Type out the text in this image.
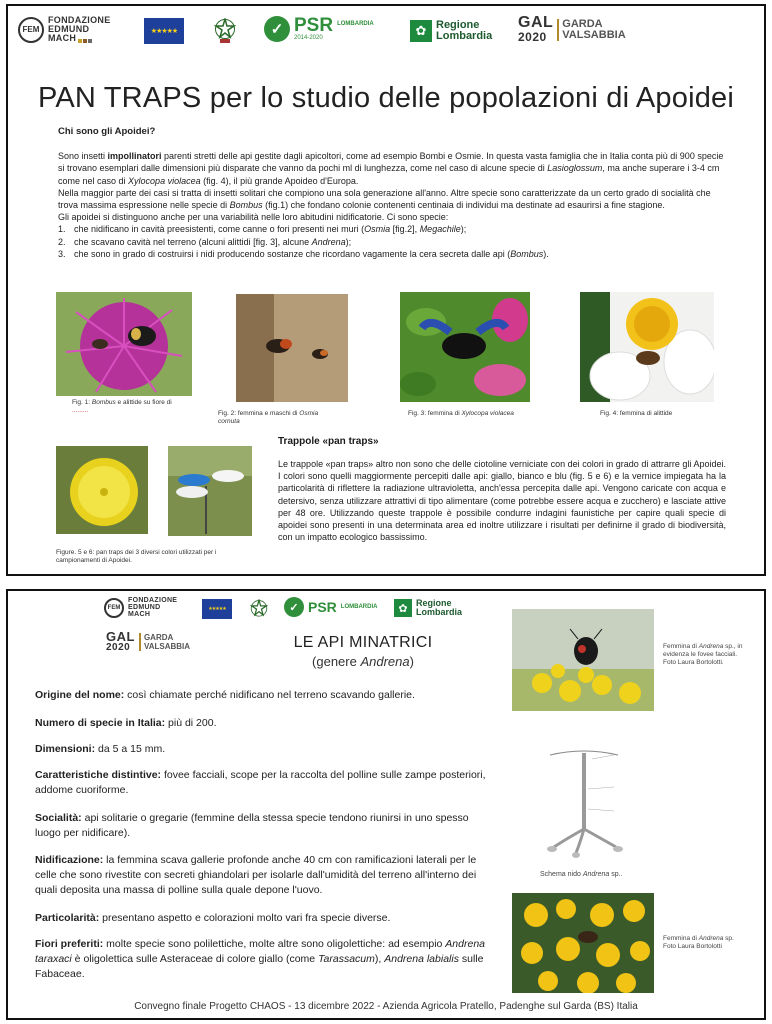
FEM
FONDAZIONE
EDMUND
MACH
★★★★★	✓ PSR
2014-2020
LOMBARDIA	✿ Regione
Lombardia
GAL
2020
GARDA
VALSABBIA
PAN TRAPS per lo studio delle popolazioni di Apoidei
Chi sono gli Apoidei?

Sono insetti impollinatori parenti stretti delle api gestite dagli apicoltori, come ad esempio Bombi e Osmie. In questa vasta famiglia che in Italia conta più di 900 specie si trovano esemplari dalle dimensioni più disparate che vanno da pochi ml di lunghezza, come nel caso di alcune specie di Lasioglossum, ma anche superare i 3-4 cm come nel caso di Xylocopa violacea (fig. 4), il più grande Apoideo d'Europa.

Nella maggior parte dei casi si tratta di insetti solitari che compiono una sola generazione all'anno. Altre specie sono caratterizzate da un certo grado di socialità che trova massima espressione nelle specie di Bombus (fig.1) che fondano colonie contenenti centinaia di individui ma destinate ad esaurirsi a fine stagione.

Gli apoidei si distinguono anche per una variabilità nelle loro abitudini nidificatorie. Ci sono specie:

1. che nidificano in cavità preesistenti, come canne o fori presenti nei muri (Osmia [fig.2], Megachile);
2. che scavano cavità nel terreno (alcuni alittidi [fig. 3], alcune Andrena);
3. che sono in grado di costruirsi i nidi producendo sostanze che ricordano vagamente la cera secreta dalle api (Bombus).
Fig. 1: Bombus e alittide su fiore di
.........	Fig. 2: femmina e maschi di Osmia cornuta
Fig. 3: femmina di Xylocopa violacea	Fig. 4: femmina di alittide
Figure. 5 e 6: pan traps dei 3 diversi colori utilizzati per i campionamenti di Apoidei.
Trappole «pan traps»
Le trappole «pan traps» altro non sono che delle ciotoline verniciate con dei colori in grado di attrarre gli Apoidei. I colori sono quelli maggiormente percepiti dalle api: giallo, bianco e blu (fig. 5 e 6) e la vernice impiegata ha la particolarità di riflettere la radiazione ultravioletta, anch'essa percepita dalle api. Vengono caricate con acqua e detersivo, senza utilizzare attrattivi di tipo alimentare (come potrebbe essere acqua e zucchero) e lasciate attive per 48 ore. Utilizzando queste trappole è possibile condurre indagini faunistiche per capire quali specie di apoidei sono presenti in una determinata area ed inoltre utilizzare i risultati per definirne il grado di biodiversità, con un impatto ecologico bassissimo.
FEM
FONDAZIONE
EDMUND
MACH
★★★★★	✓ PSR LOMBARDIA	✿ Regione
Lombardia
GAL
2020
GARDA
VALSABBIA	LE API MINATRICI
(genere Andrena)
Origine del nome: così chiamate perché nidificano nel terreno scavando gallerie.
Numero di specie in Italia: più di 200.
Dimensioni: da 5 a 15 mm.
Caratteristiche distintive: fovee facciali, scope per la raccolta del polline sulle zampe posteriori, addome cuoriforme.
Socialità: api solitarie o gregarie (femmine della stessa specie tendono riunirsi in uno spesso luogo per nidificare).
Nidificazione: la femmina scava gallerie profonde anche 40 cm con ramificazioni laterali per le celle che sono rivestite con secreti ghiandolari per isolarle dall'umidità del terreno all'interno dei quali deposita una massa di polline sulla quale depone l'uovo.
Particolarità: presentano aspetto e colorazioni molto vari fra specie diverse.
Fiori preferiti: molte specie sono polilettiche, molte altre sono oligolettiche: ad esempio Andrena taraxaci è oligolettica sulle Asteraceae di colore giallo (come Tarassacum), Andrena labialis sulle Fabaceae.
Femmina di Andrena sp., in evidenza le fovee facciali.
Foto Laura Bortolotti.
Schema nido Andrena sp..
Femmina di Andrena sp.
Foto Laura Bortolotti
Convegno finale Progetto CHAOS - 13 dicembre 2022 - Azienda Agricola Pratello, Padenghe sul Garda (BS) Italia
